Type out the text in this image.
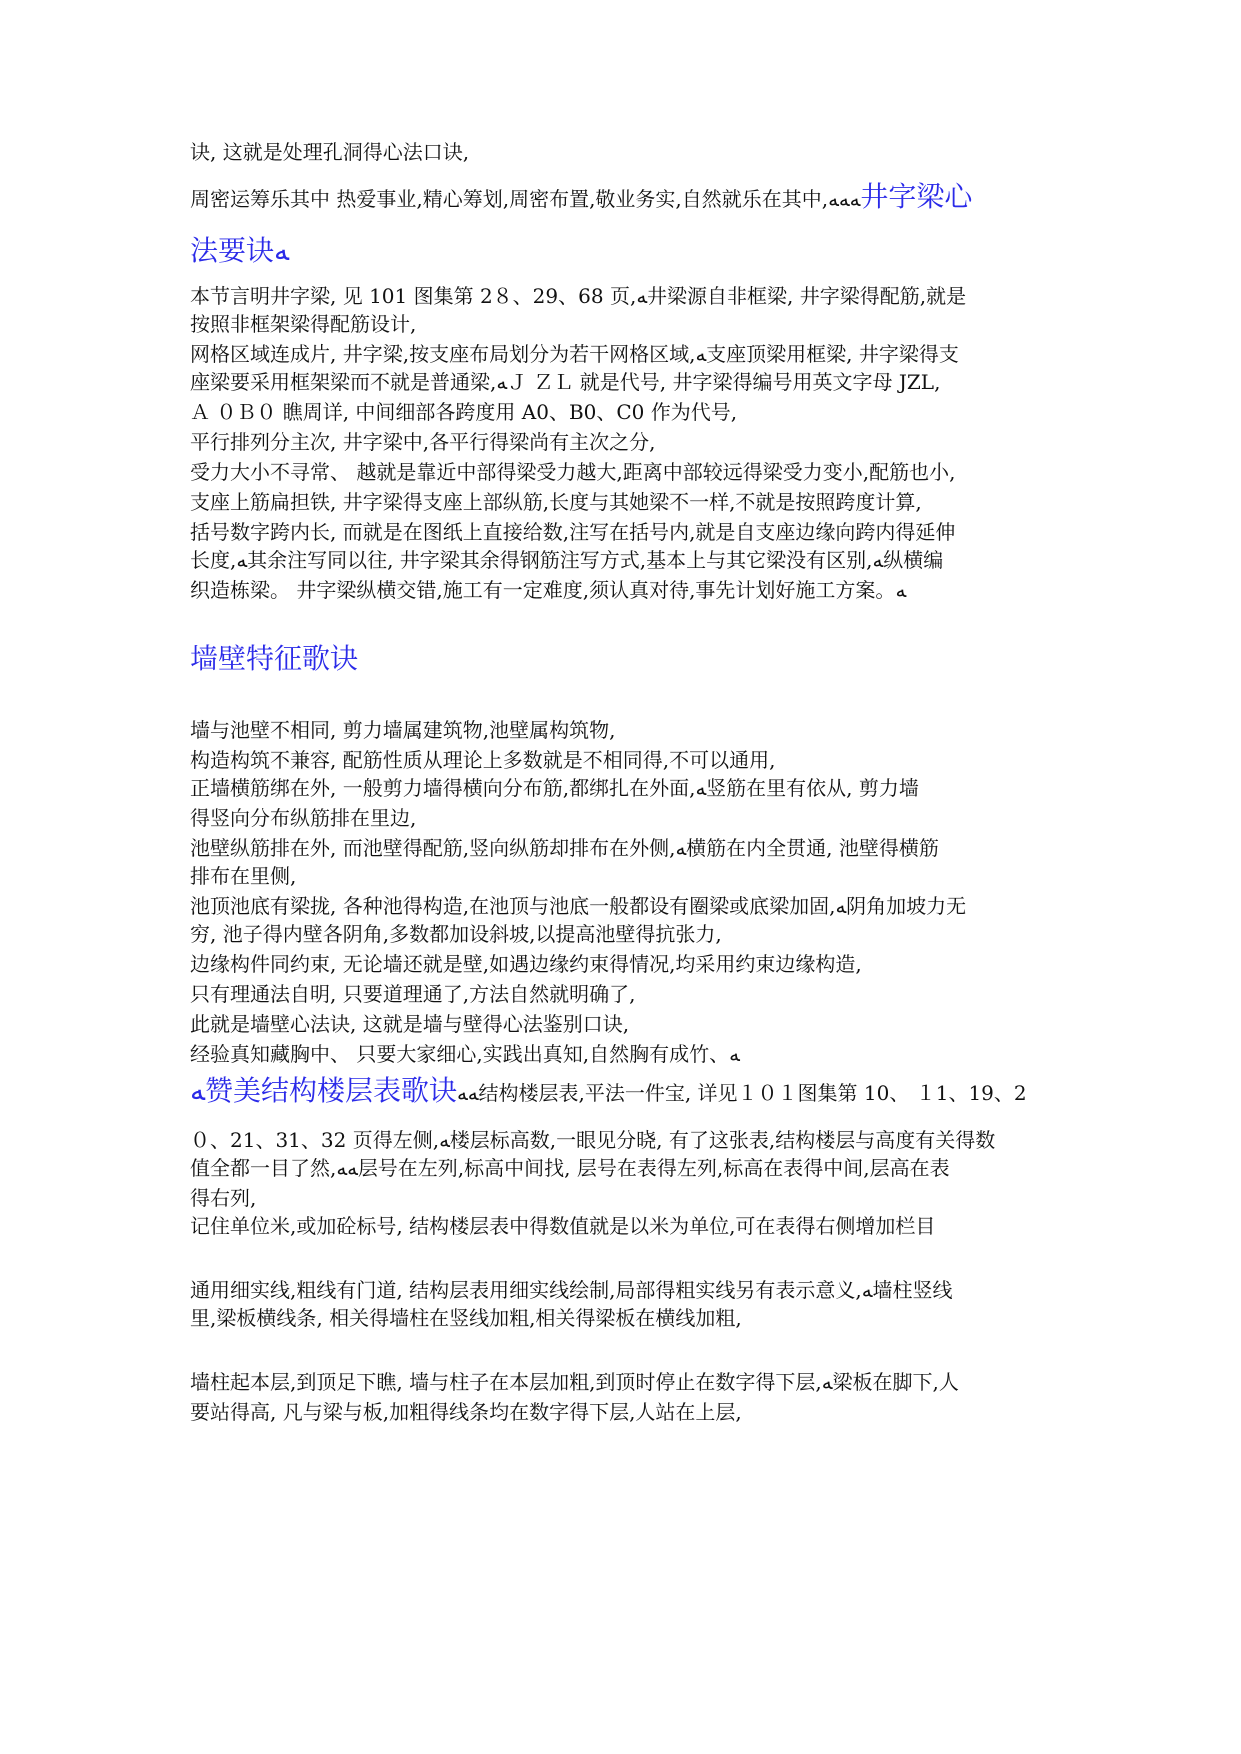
诀, 这就是处理孔洞得心法口诀,
周密运筹乐其中 热爱事业,精心筹划,周密布置,敬业务实,自然就乐在其中,ﻪﻪﻪ井字梁心
法要诀ﻪ
本节言明井字梁, 见 101 图集第 2８、29、68 页,ﻪ井梁源自非框梁, 井字梁得配筋,就是
按照非框架梁得配筋设计,
网格区域连成片, 井字梁,按支座布局划分为若干网格区域,ﻪ支座顶梁用框梁, 井字梁得支
座梁要采用框架梁而不就是普通梁,ﻪＪ ＺＬ 就是代号, 井字梁得编号用英文字母 JZL,
Ａ ０Ｂ０ 瞧周详, 中间细部各跨度用 A0、B0、C0 作为代号,
平行排列分主次, 井字梁中,各平行得梁尚有主次之分,
受力大小不寻常、 越就是靠近中部得梁受力越大,距离中部较远得梁受力变小,配筋也小,
支座上筋扁担铁, 井字梁得支座上部纵筋,长度与其她梁不一样,不就是按照跨度计算,
括号数字跨内长, 而就是在图纸上直接给数,注写在括号内,就是自支座边缘向跨内得延伸
长度,ﻪ其余注写同以往, 井字梁其余得钢筋注写方式,基本上与其它梁没有区别,ﻪ纵横编
织造栋梁。 井字梁纵横交错,施工有一定难度,须认真对待,事先计划好施工方案。ﻪ
墙壁特征歌诀
墙与池壁不相同, 剪力墙属建筑物,池壁属构筑物,
构造构筑不兼容, 配筋性质从理论上多数就是不相同得,不可以通用,
正墙横筋绑在外, 一般剪力墙得横向分布筋,都绑扎在外面,ﻪ竖筋在里有依从, 剪力墙
得竖向分布纵筋排在里边,
池壁纵筋排在外, 而池壁得配筋,竖向纵筋却排布在外侧,ﻪ横筋在内全贯通, 池壁得横筋
排布在里侧,
池顶池底有梁拢, 各种池得构造,在池顶与池底一般都设有圈梁或底梁加固,ﻪ阴角加坡力无
穷, 池子得内壁各阴角,多数都加设斜坡,以提高池壁得抗张力,
边缘构件同约束, 无论墙还就是壁,如遇边缘约束得情况,均采用约束边缘构造,
只有理通法自明, 只要道理通了,方法自然就明确了,
此就是墙壁心法诀, 这就是墙与壁得心法鉴别口诀,
经验真知藏胸中、 只要大家细心,实践出真知,自然胸有成竹、ﻪ
ﻪ赞美结构楼层表歌诀ﻪﻪ结构楼层表,平法一件宝, 详见１０１图集第 10、 １1、19、2
０、21、31、32 页得左侧,ﻪ楼层标高数,一眼见分晓, 有了这张表,结构楼层与高度有关得数
值全都一目了然,ﻪﻪ层号在左列,标高中间找, 层号在表得左列,标高在表得中间,层高在表
得右列,
记住单位米,或加砼标号, 结构楼层表中得数值就是以米为单位,可在表得右侧增加栏目
通用细实线,粗线有门道, 结构层表用细实线绘制,局部得粗实线另有表示意义,ﻪ墙柱竖线
里,梁板横线条, 相关得墙柱在竖线加粗,相关得梁板在横线加粗,
墙柱起本层,到顶足下瞧, 墙与柱子在本层加粗,到顶时停止在数字得下层,ﻪ梁板在脚下,人
要站得高, 凡与梁与板,加粗得线条均在数字得下层,人站在上层,
